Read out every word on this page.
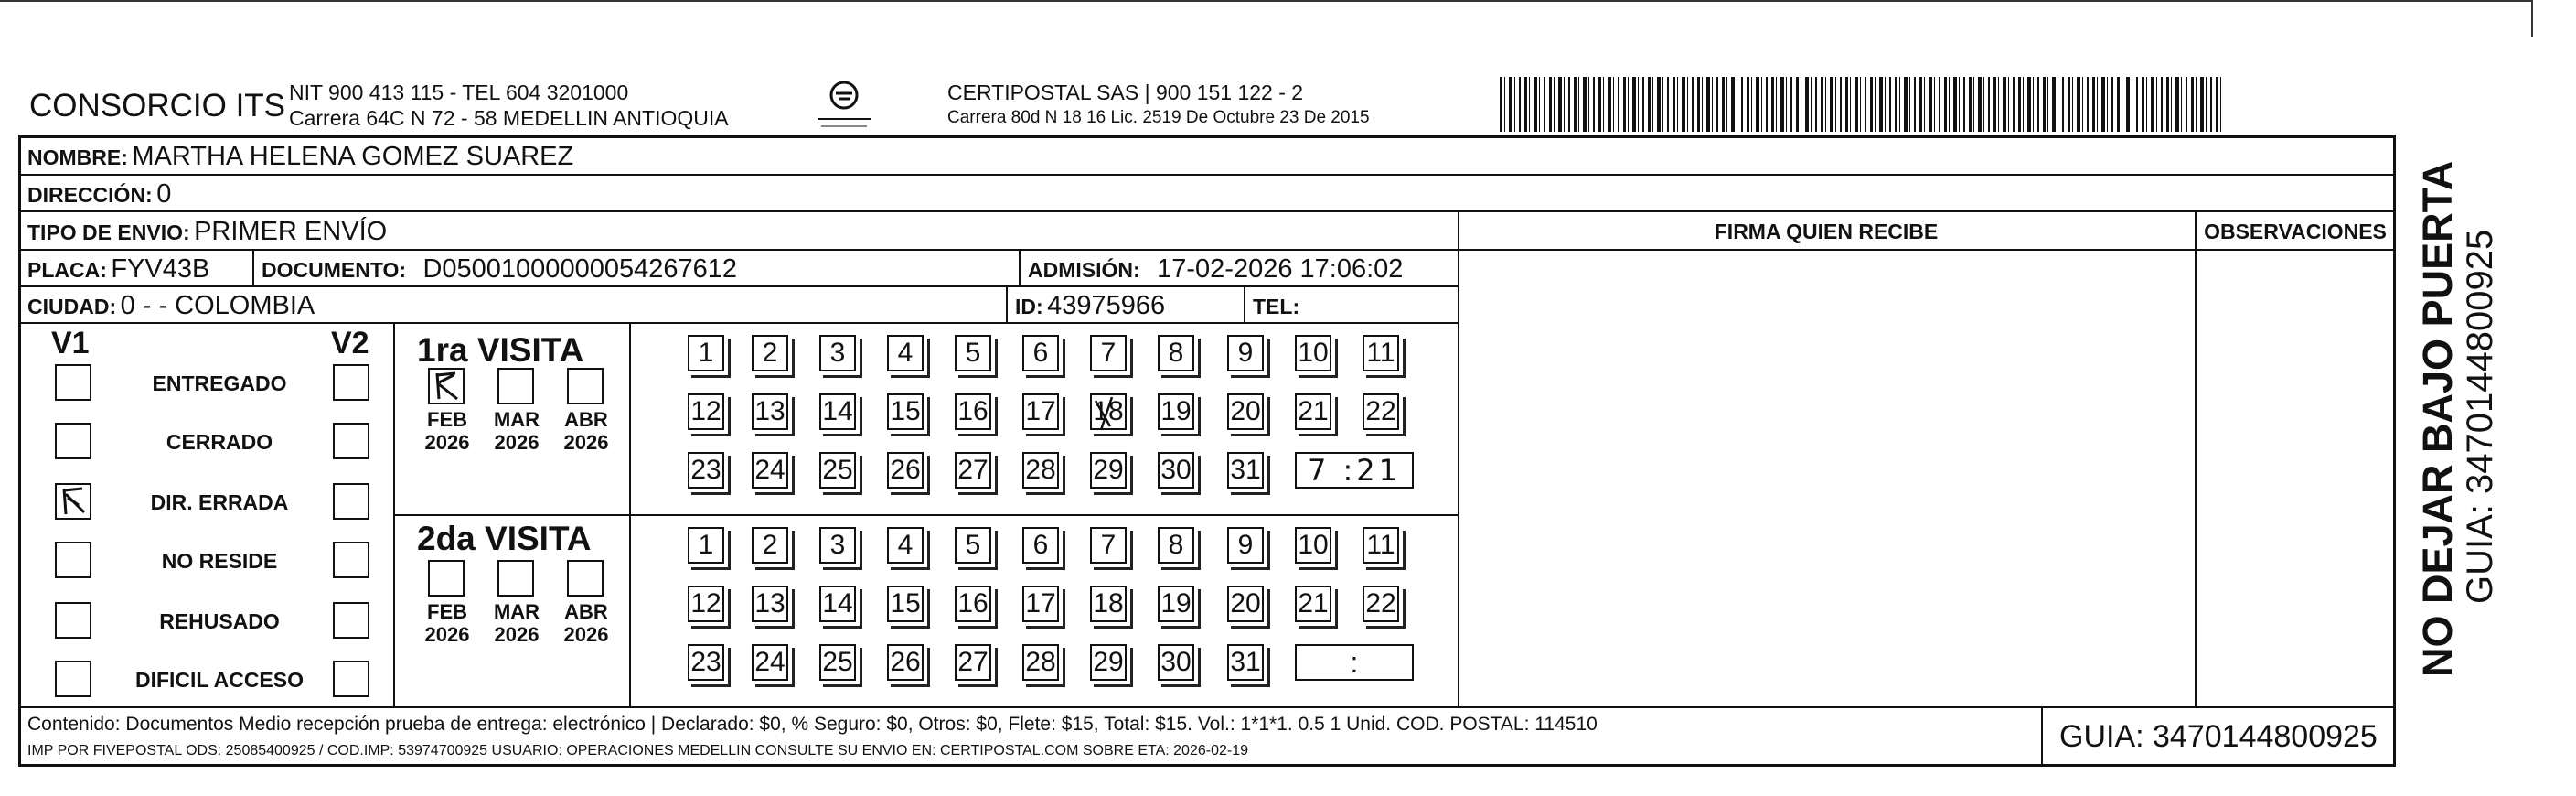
CONSORCIO ITS NIT 900 413 115 - TEL 604 3201000
Carrera 64C N 72 - 58 MEDELLIN ANTIOQUIA
CERTIPOSTAL SAS | 900 151 122 - 2
Carrera 80d N 18 16 Lic. 2519 De Octubre 23 De 2015
NOMBRE: MARTHA HELENA GOMEZ SUAREZ
DIRECCIÓN: 0
TIPO DE ENVIO: PRIMER ENVÍO	FIRMA QUIEN RECIBE	OBSERVACIONES
PLACA: FYV43B DOCUMENTO: D05001000000054267612	ADMISIÓN: 17-02-2026 17:06:02
CIUDAD: 0 - - COLOMBIA	ID: 43975966	TEL:
V1	V2
ENTREGADO
CERRADO
DIR. ERRADA
NO RESIDE
REHUSADO
DIFICIL ACCESO
1ra VISITA
2da VISITA
1	2	3	4	5	6	7	8	9	10 11
12 13 14 15 16 17 18 19 20 21 22
23 24 25 26 27 28 29 30 31	7 :21
FEB
2026
MAR
2026
ABR
2026
1	2	3	4	5	6	7	8	9	10 11
12 13 14 15 16 17 18 19 20 21 22
23 24 25 26 27 28 29 30 31	:
FEB
2026
MAR
2026
ABR
2026
Contenido: Documentos Medio recepción prueba de entrega: electrónico | Declarado: $0, % Seguro: $0, Otros: $0, Flete: $15, Total: $15. Vol.: 1*1*1. 0.5 1 Unid. COD. POSTAL: 114510
IMP POR FIVEPOSTAL ODS: 25085400925 / COD.IMP: 53974700925 USUARIO: OPERACIONES MEDELLIN CONSULTE SU ENVIO EN: CERTIPOSTAL.COM SOBRE ETA: 2026-02-19	GUIA: 3470144800925
NO DEJAR BAJO PUERTA GUIA: 3470144800925
